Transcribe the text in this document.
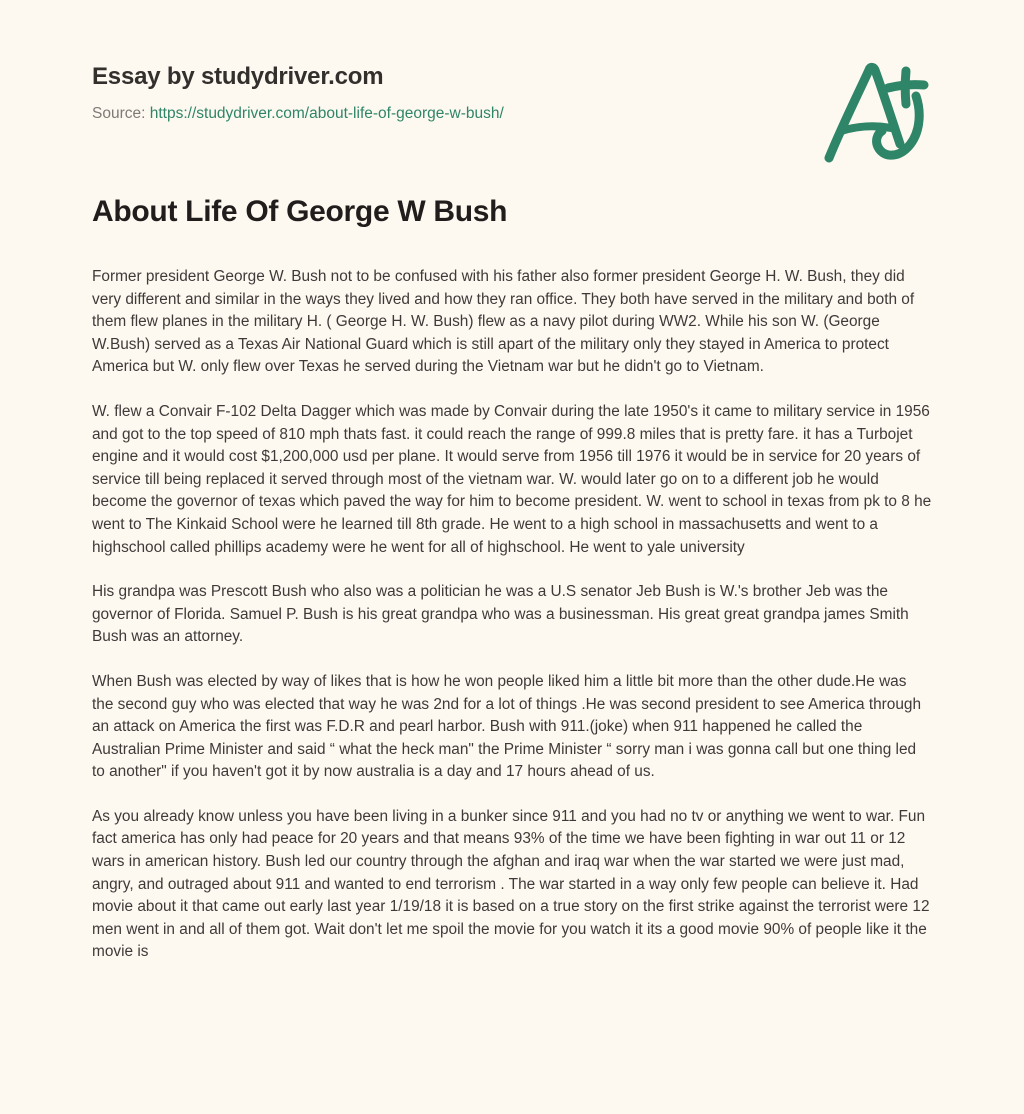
Essay by studydriver.com
Source: https://studydriver.com/about-life-of-george-w-bush/
About Life Of George W Bush

Former president George W. Bush not to be confused with his father also former president George H. W. Bush, they did very different and similar in the ways they lived and how they ran office. They both have served in the military and both of them flew planes in the military H. ( George H. W. Bush) flew as a navy pilot during WW2. While his son W. (George W.Bush) served as a Texas Air National Guard which is still apart of the military only they stayed in America to protect America but W. only flew over Texas he served during the Vietnam war but he didn't go to Vietnam.

W. flew a Convair F-102 Delta Dagger which was made by Convair during the late 1950's it came to military service in 1956 and got to the top speed of 810 mph thats fast. it could reach the range of 999.8 miles that is pretty fare. it has a Turbojet engine and it would cost $1,200,000 usd per plane. It would serve from 1956 till 1976 it would be in service for 20 years of service till being replaced it served through most of the vietnam war. W. would later go on to a different job he would become the governor of texas which paved the way for him to become president. W. went to school in texas from pk to 8 he went to The Kinkaid School were he learned till 8th grade. He went to a high school in massachusetts and went to a highschool called phillips academy were he went for all of highschool. He went to yale university

His grandpa was Prescott Bush who also was a politician he was a U.S senator Jeb Bush is W.'s brother Jeb was the governor of Florida. Samuel P. Bush is his great grandpa who was a businessman. His great great grandpa james Smith Bush was an attorney.

When Bush was elected by way of likes that is how he won people liked him a little bit more than the other dude.He was the second guy who was elected that way he was 2nd for a lot of things .He was second president to see America through an attack on America the first was F.D.R and pearl harbor. Bush with 911.(joke) when 911 happened he called the Australian Prime Minister and said “ what the heck man" the Prime Minister “ sorry man i was gonna call but one thing led to another" if you haven't got it by now australia is a day and 17 hours ahead of us.

As you already know unless you have been living in a bunker since 911 and you had no tv or anything we went to war. Fun fact america has only had peace for 20 years and that means 93% of the time we have been fighting in war out 11 or 12 wars in american history. Bush led our country through the afghan and iraq war when the war started we were just mad, angry, and outraged about 911 and wanted to end terrorism . The war started in a way only few people can believe it. Had movie about it that came out early last year 1/19/18 it is based on a true story on the first strike against the terrorist were 12 men went in and all of them got. Wait don't let me spoil the movie for you watch it its a good movie 90% of people like it the movie is
